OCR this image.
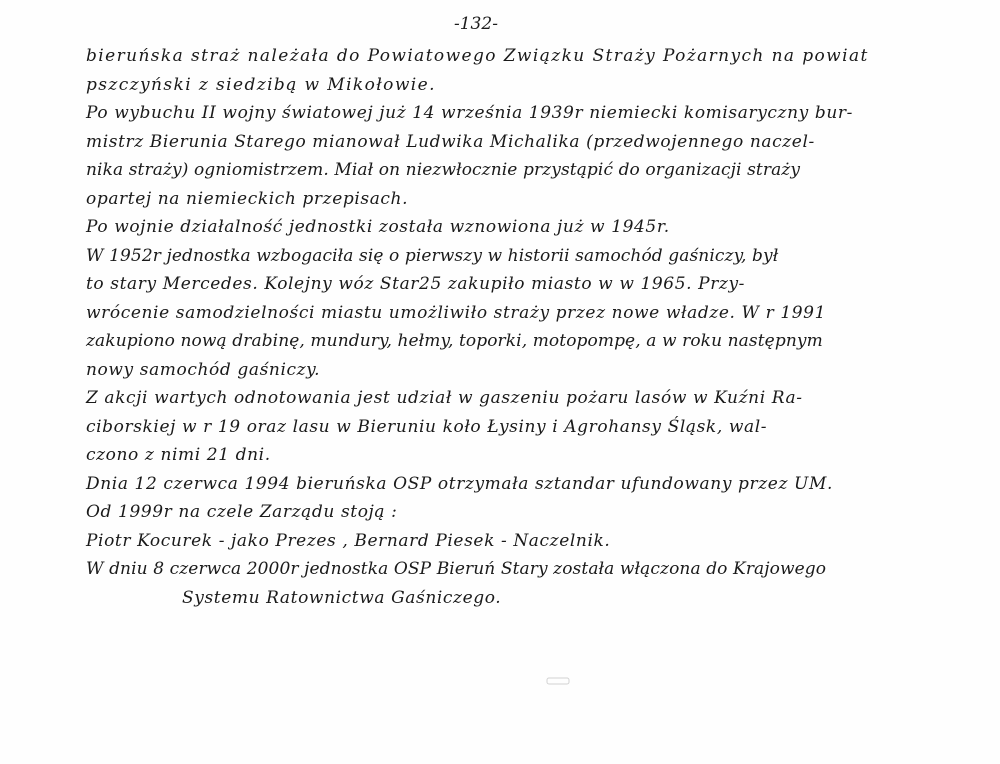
-132-
bieruńska straż należała do Powiatowego Związku Straży Pożarnych na powiat
pszczyński z siedzibą w Mikołowie.
Po wybuchu II wojny światowej już 14 września 1939r niemiecki komisaryczny bur-
mistrz Bierunia Starego mianował Ludwika Michalika (przedwojennego naczel-
nika straży) ogniomistrzem. Miał on niezwłocznie przystąpić do organizacji straży
opartej na niemieckich przepisach.
Po wojnie działalność jednostki została wznowiona już w 1945r.
W 1952r jednostka wzbogaciła się o pierwszy w historii samochód gaśniczy, był
to stary Mercedes. Kolejny wóz Star25 zakupiło miasto w w 1965. Przy-
wrócenie samodzielności miastu umożliwiło straży przez nowe władze. W r 1991
zakupiono nową drabinę, mundury, hełmy, toporki, motopompę, a w roku następnym
nowy samochód gaśniczy.
Z akcji wartych odnotowania jest udział w gaszeniu pożaru lasów w Kuźni Ra-
ciborskiej w r 19 oraz lasu w Bieruniu koło Łysiny i Agrohansy Śląsk, wal-
czono z nimi 21 dni.
Dnia 12 czerwca 1994 bieruńska OSP otrzymała sztandar ufundowany przez UM.
Od 1999r na czele Zarządu stoją :
Piotr Kocurek - jako Prezes , Bernard Piesek - Naczelnik.
W dniu 8 czerwca 2000r jednostka OSP Bieruń Stary została włączona do Krajowego
Systemu Ratownictwa Gaśniczego.
